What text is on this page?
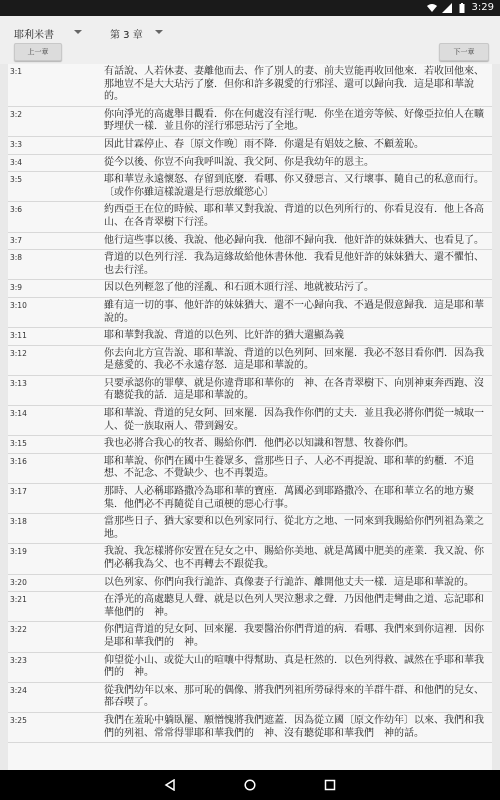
3:29
耶利米書	第 3 章
上一章	下一章
3:1	有話說、人若休妻、妻離他而去、作了別人的妻、前夫豈能再收回他來．若收回他來、那地豈不是大大玷污了麼．但你和許多親愛的行邪淫、還可以歸向我．這是耶和華說的。
3:2	你向淨光的高處舉目觀看．你在何處沒有淫行呢．你坐在道旁等候、好像亞拉伯人在曠野埋伏一樣．並且你的淫行邪惡玷污了全地。
3:3	因此甘霖停止、春〔原文作晚〕雨不降．你還是有娼妓之臉、不顧羞恥。
3:4	從今以後、你豈不向我呼叫說、我父阿、你是我幼年的恩主。
3:5	耶和華豈永遠懷怒、存留到底麼．看哪、你又發惡言、又行壞事、隨自己的私意而行。〔或作你雖這樣說還是行惡放縱慾心〕
3:6	約西亞王在位的時候、耶和華又對我說、背道的以色列所行的、你看見沒有．他上各高山、在各青翠樹下行淫。
3:7	他行這些事以後、我說、他必歸向我．他卻不歸向我．他奸詐的妹妹猶大、也看見了。
3:8	背道的以色列行淫．我為這緣故給他休書休他．我看見他奸詐的妹妹猶大、還不懼怕、也去行淫。
3:9	因以色列輕忽了他的淫亂、和石頭木頭行淫、地就被玷污了。
3:10	雖有這一切的事、他奸詐的妹妹猶大、還不一心歸向我、不過是假意歸我．這是耶和華說的。
3:11	耶和華對我說、背道的以色列、比奸詐的猶大還顯為義
3:12	你去向北方宣告說、耶和華說、背道的以色列阿、回來罷．我必不怒目看你們．因為我是慈愛的、我必不永遠存怒．這是耶和華說的。
3:13	只要承認你的罪孽、就是你違背耶和華你的　神、在各青翠樹下、向別神東奔西跑、沒有聽從我的話．這是耶和華說的。
3:14	耶和華說、背道的兒女阿、回來罷．因為我作你們的丈夫．並且我必將你們從一城取一人、從一族取兩人、帶到錫安。
3:15	我也必將合我心的牧者、賜給你們．他們必以知識和智慧、牧養你們。
3:16	耶和華說、你們在國中生養眾多、當那些日子、人必不再提說、耶和華的約櫃．不追想、不記念、不覺缺少、也不再製造。
3:17	那時、人必稱耶路撒冷為耶和華的寶座．萬國必到耶路撒冷、在耶和華立名的地方聚集．他們必不再隨從自己頑梗的惡心行事。
3:18	當那些日子、猶大家要和以色列家同行、從北方之地、一同來到我賜給你們列祖為業之地。
3:19	我說、我怎樣將你安置在兒女之中、賜給你美地、就是萬國中肥美的產業．我又說、你們必稱我為父、也不再轉去不跟從我。
3:20	以色列家、你們向我行詭詐、真像妻子行詭詐、離開他丈夫一樣．這是耶和華說的。
3:21	在淨光的高處聽見人聲、就是以色列人哭泣懇求之聲．乃因他們走彎曲之道、忘記耶和華他們的　神。
3:22	你們這背道的兒女阿、回來罷．我要醫治你們背道的病．看哪、我們來到你這裡．因你是耶和華我們的　神。
3:23	仰望從小山、或從大山的喧嚷中得幫助、真是枉然的．以色列得救、誠然在乎耶和華我們的　神。
3:24	從我們幼年以來、那可恥的偶像、將我們列祖所勞碌得來的羊群牛群、和他們的兒女、都吞喫了。
3:25	我們在羞恥中躺臥罷、願憎愧將我們遮蓋．因為從立國〔原文作幼年〕以來、我們和我們的列祖、常常得罪耶和華我們的　神、沒有聽從耶和華我們　神的話。
